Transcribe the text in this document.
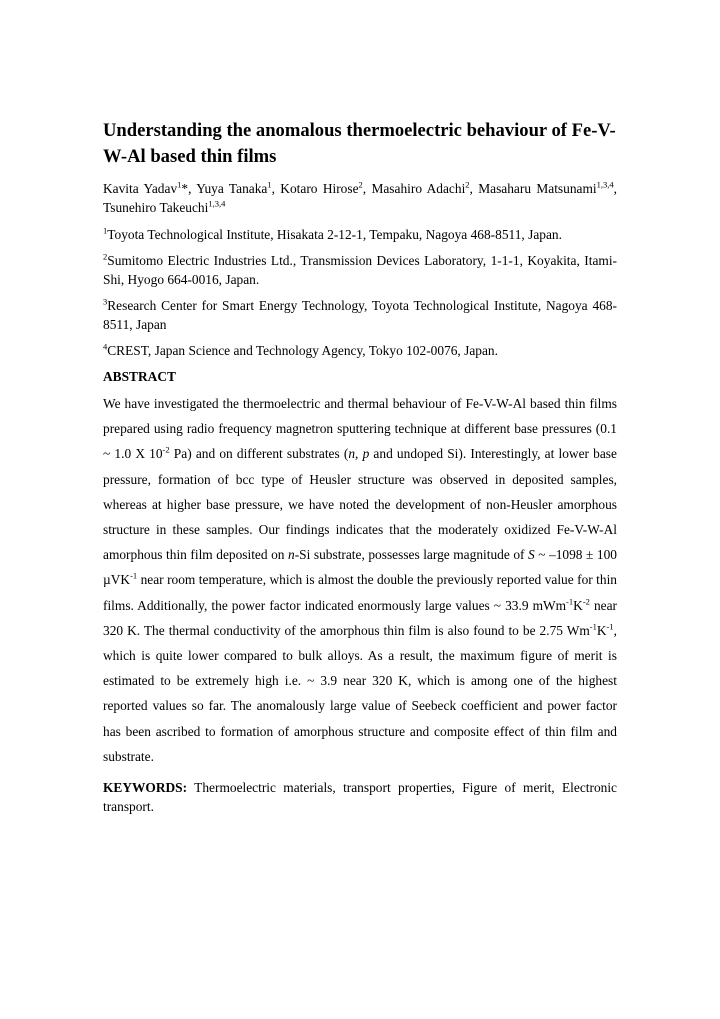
Understanding the anomalous thermoelectric behaviour of Fe-V-W-Al based thin films

Kavita Yadav$^1$*, Yuya Tanaka$^1$, Kotaro Hirose$^2$, Masahiro Adachi$^2$, Masaharu Matsunami$^{1,3,4}$, Tsunehiro Takeuchi$^{1,3,4}$

$^1$Toyota Technological Institute, Hisakata 2-12-1, Tempaku, Nagoya 468-8511, Japan.

$^2$Sumitomo Electric Industries Ltd., Transmission Devices Laboratory, 1-1-1, Koyakita, Itami-Shi, Hyogo 664-0016, Japan.

$^3$Research Center for Smart Energy Technology, Toyota Technological Institute, Nagoya 468-8511, Japan

$^4$CREST, Japan Science and Technology Agency, Tokyo 102-0076, Japan.

ABSTRACT

We have investigated the thermoelectric and thermal behaviour of Fe-V-W-Al based thin films prepared using radio frequency magnetron sputtering technique at different base pressures (0.1 ~ 1.0 X $10^{-2}$ Pa) and on different substrates (n, p and undoped Si). Interestingly, at lower base pressure, formation of bcc type of Heusler structure was observed in deposited samples, whereas at higher base pressure, we have noted the development of non-Heusler amorphous structure in these samples. Our findings indicates that the moderately oxidized Fe-V-W-Al amorphous thin film deposited on n-Si substrate, possesses large magnitude of S ~ –1098 ± 100 µVK$^{-1}$ near room temperature, which is almost the double the previously reported value for thin films. Additionally, the power factor indicated enormously large values ~ 33.9 $mWm^{-1}K^{-2}$ near 320 K. The thermal conductivity of the amorphous thin film is also found to be 2.75 $Wm^{-1}K^{-1}$, which is quite lower compared to bulk alloys. As a result, the maximum figure of merit is estimated to be extremely high i.e. ~ 3.9 near 320 K, which is among one of the highest reported values so far. The anomalously large value of Seebeck coefficient and power factor has been ascribed to formation of amorphous structure and composite effect of thin film and substrate.

KEYWORDS: Thermoelectric materials, transport properties, Figure of merit, Electronic transport.
